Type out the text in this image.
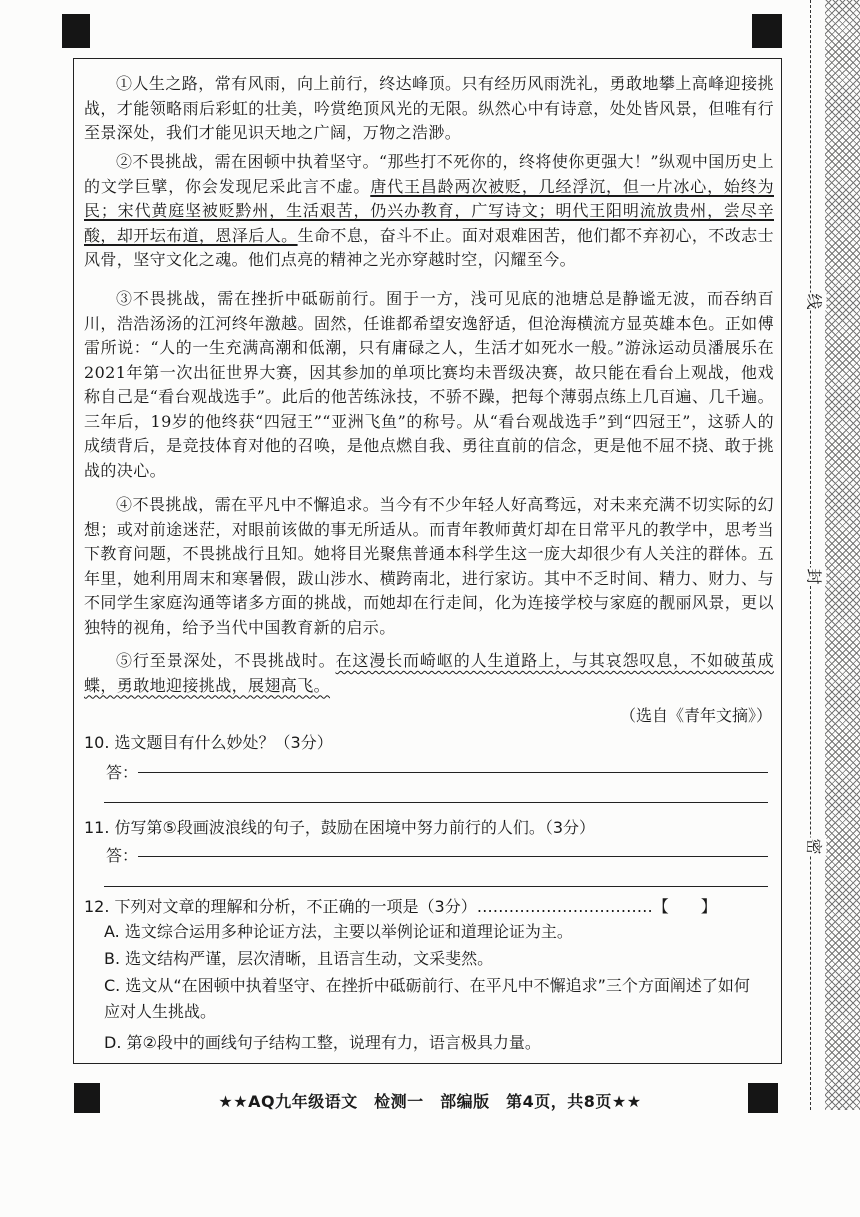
线
封
密

①人生之路，常有风雨，向上前行，终达峰顶。只有经历风雨洗礼，勇敢地攀上高峰迎接挑战，才能领略雨后彩虹的壮美，吟赏绝顶风光的无限。纵然心中有诗意，处处皆风景，但唯有行至景深处，我们才能见识天地之广阔，万物之浩渺。

②不畏挑战，需在困顿中执着坚守。“那些打不死你的，终将使你更强大！”纵观中国历史上的文学巨擘，你会发现尼采此言不虚。唐代王昌龄两次被贬，几经浮沉，但一片冰心，始终为民；宋代黄庭坚被贬黔州，生活艰苦，仍兴办教育，广写诗文；明代王阳明流放贵州，尝尽辛酸，却开坛布道，恩泽后人。生命不息，奋斗不止。面对艰难困苦，他们都不弃初心，不改志士风骨，坚守文化之魂。他们点亮的精神之光亦穿越时空，闪耀至今。

③不畏挑战，需在挫折中砥砺前行。囿于一方，浅可见底的池塘总是静谧无波，而吞纳百川，浩浩汤汤的江河终年激越。固然，任谁都希望安逸舒适，但沧海横流方显英雄本色。正如傅雷所说：“人的一生充满高潮和低潮，只有庸碌之人，生活才如死水一般。”游泳运动员潘展乐在2021年第一次出征世界大赛，因其参加的单项比赛均未晋级决赛，故只能在看台上观战，他戏称自己是“看台观战选手”。此后的他苦练泳技，不骄不躁，把每个薄弱点练上几百遍、几千遍。三年后，19岁的他终获“四冠王”“亚洲飞鱼”的称号。从“看台观战选手”到“四冠王”，这骄人的成绩背后，是竞技体育对他的召唤，是他点燃自我、勇往直前的信念，更是他不屈不挠、敢于挑战的决心。

④不畏挑战，需在平凡中不懈追求。当今有不少年轻人好高骛远，对未来充满不切实际的幻想；或对前途迷茫，对眼前该做的事无所适从。而青年教师黄灯却在日常平凡的教学中，思考当下教育问题，不畏挑战行且知。她将目光聚焦普通本科学生这一庞大却很少有人关注的群体。五年里，她利用周末和寒暑假，跋山涉水、横跨南北，进行家访。其中不乏时间、精力、财力、与不同学生家庭沟通等诸多方面的挑战，而她却在行走间，化为连接学校与家庭的靓丽风景，更以独特的视角，给予当代中国教育新的启示。

⑤行至景深处，不畏挑战时。在这漫长而崎岖的人生道路上，与其哀怨叹息，不如破茧成蝶，勇敢地迎接挑战，展翅高飞。

（选自《青年文摘》）
10. 选文题目有什么妙处？（3分）
答：
11. 仿写第⑤段画波浪线的句子，鼓励在困境中努力前行的人们。（3分）
答：
12. 下列对文章的理解和分析，不正确的一项是（3分）……………………………【　　】
A. 选文综合运用多种论证方法，主要以举例论证和道理论证为主。
B. 选文结构严谨，层次清晰，且语言生动，文采斐然。
C. 选文从“在困顿中执着坚守、在挫折中砥砺前行、在平凡中不懈追求”三个方面阐述了如何应对人生挑战。
D. 第②段中的画线句子结构工整，说理有力，语言极具力量。
★★AQ九年级语文　检测一　部编版　第4页，共8页★★
